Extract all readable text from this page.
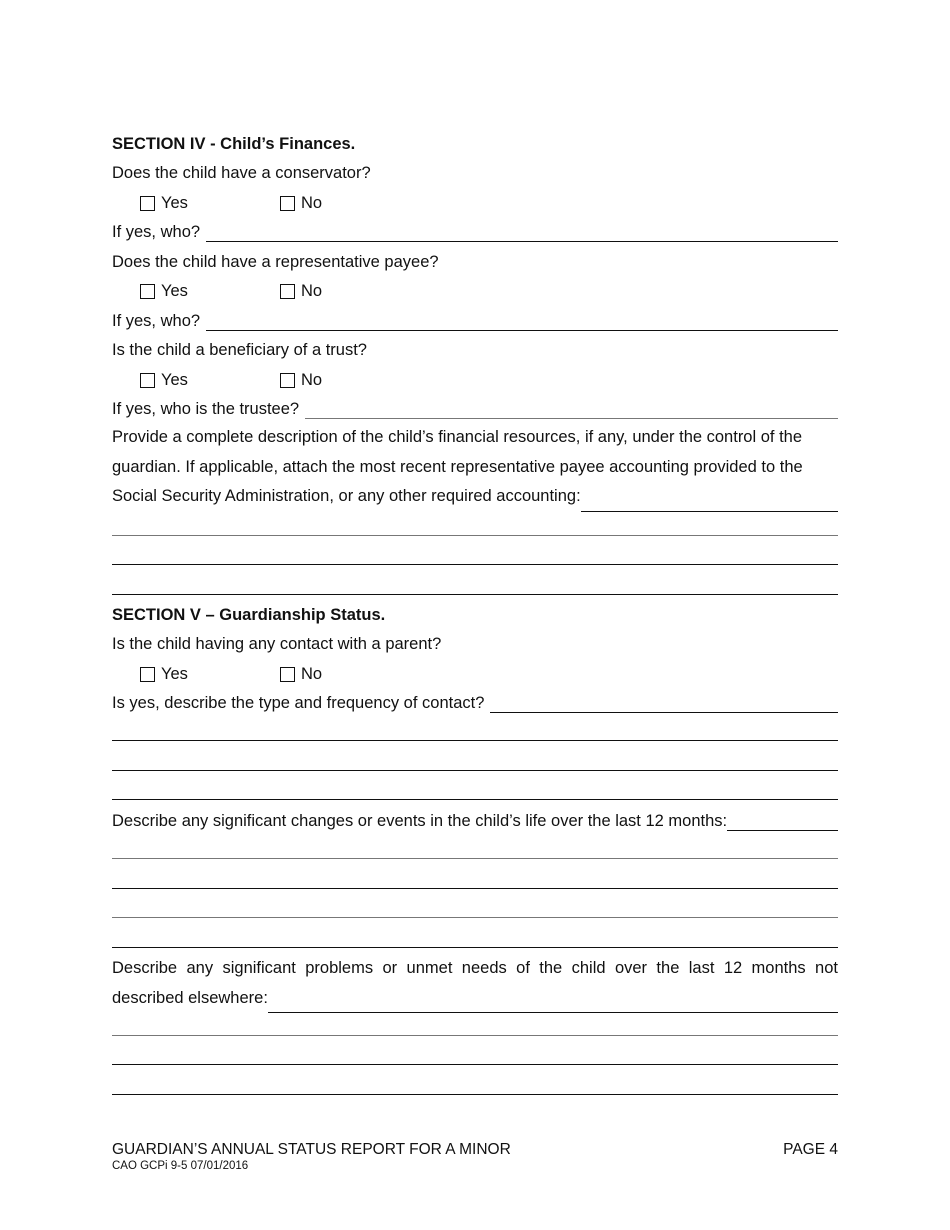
SECTION IV - Child’s Finances.
Does the child have a conservator?
Yes	No
If yes, who?
Does the child have a representative payee?
Yes	No
If yes, who?
Is the child a beneficiary of a trust?
Yes	No
If yes, who is the trustee?
Provide a complete description of the child’s financial resources, if any, under the control of the
guardian. If applicable, attach the most recent representative payee accounting provided to the
Social Security Administration, or any other required accounting:
SECTION V – Guardianship Status.
Is the child having any contact with a parent?
Yes	No
Is yes, describe the type and frequency of contact?
Describe any significant changes or events in the child’s life over the last 12 months:
Describe any significant problems or unmet needs of the child over the last 12 months not
described elsewhere:
GUARDIAN’S ANNUAL STATUS REPORT FOR A MINOR
CAO GCPi 9-5 07/01/2016
PAGE 4
